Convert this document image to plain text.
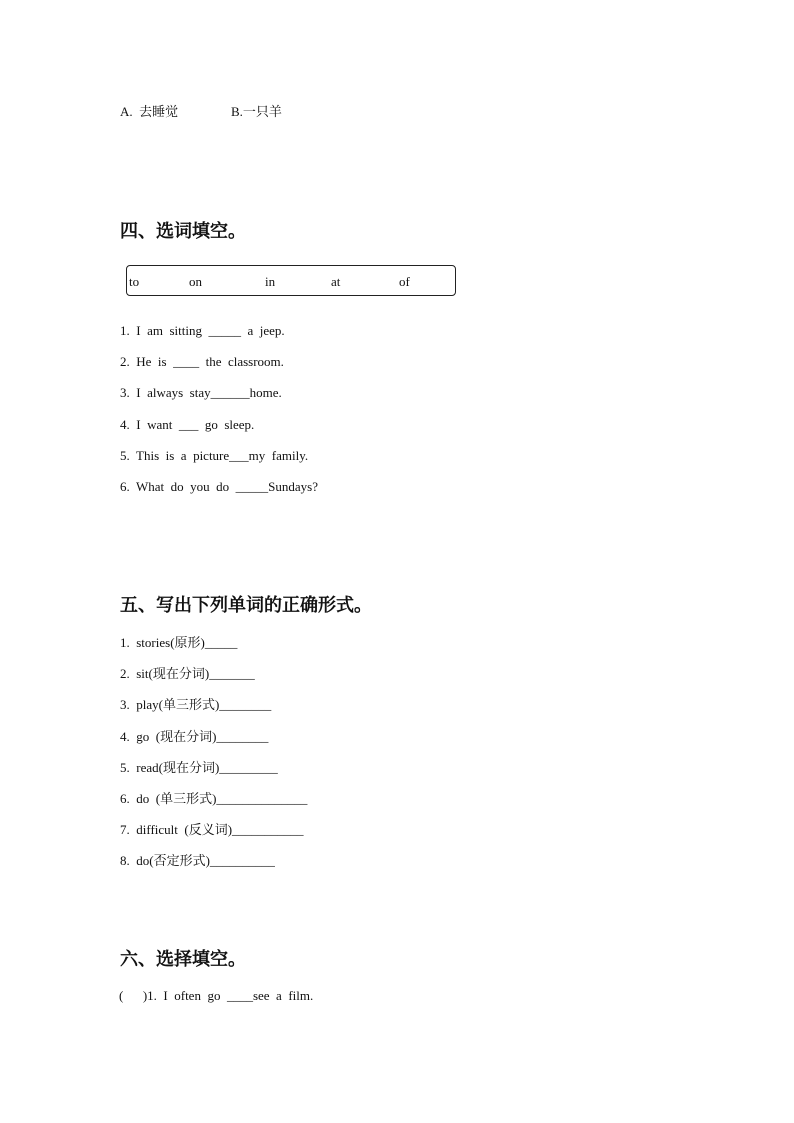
A.  去睡觉	B.一只羊
四、选词填空。
to	on	in	at	of
1.  I  am  sitting  _____  a  jeep.
2.  He  is  ____  the  classroom.
3.  I  always  stay______home.
4.  I  want  ___  go  sleep.
5.  This  is  a  picture___my  family.
6.  What  do  you  do  _____Sundays?
五、写出下列单词的正确形式。
1.  stories(原形)_____
2.  sit(现在分词)_______
3.  play(单三形式)________
4.  go  (现在分词)________
5.  read(现在分词)_________
6.  do  (单三形式)______________
7.  difficult  (反义词)___________
8.  do(否定形式)__________
六、选择填空。
(      )1.  I  often  go  ____see  a  film.
